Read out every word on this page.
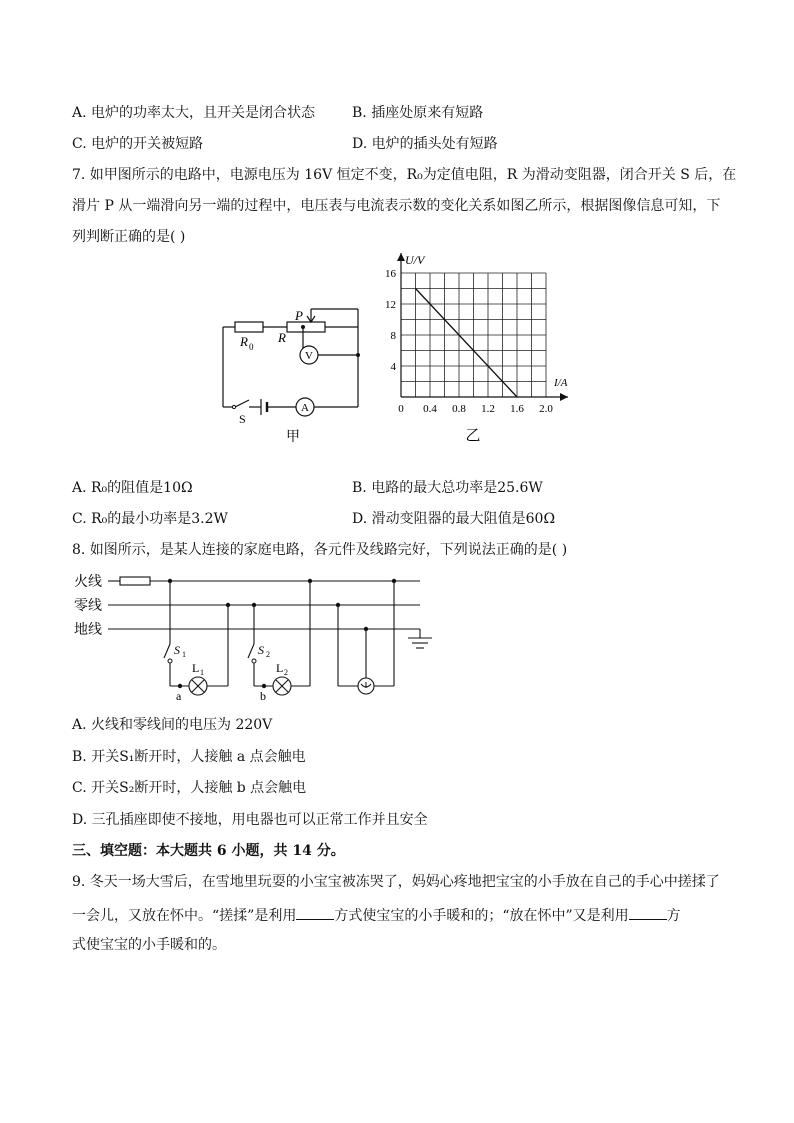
A. 电炉的功率太大，且开关是闭合状态	B. 插座处原来有短路
C. 电炉的开关被短路	D. 电炉的插头处有短路
7. 如甲图所示的电路中，电源电压为 16V 恒定不变，R₀为定值电阻，R 为滑动变阻器，闭合开关 S 后，在
滑片 P 从一端滑向另一端的过程中，电压表与电流表示数的变化关系如图乙所示，根据图像信息可知，下
列判断正确的是( )
V
A
R 0
R
P
S
甲
0 0.4 0.8 1.2 1.6 2.0
4
8
12
16
U/V
I/A
乙
A. R₀的阻值是10Ω	B. 电路的最大总功率是25.6W
C. R₀的最小功率是3.2W	D. 滑动变阻器的最大阻值是60Ω
8. 如图所示，是某人连接的家庭电路，各元件及线路完好，下列说法正确的是( )
火线
零线
地线
S 1	S 2
L 1	L 2
a	b
A. 火线和零线间的电压为 220V
B. 开关S₁断开时，人接触 a 点会触电
C. 开关S₂断开时，人接触 b 点会触电
D. 三孔插座即使不接地，用电器也可以正常工作并且安全
三、填空题：本大题共 6 小题，共 14 分。
9. 冬天一场大雪后，在雪地里玩耍的小宝宝被冻哭了，妈妈心疼地把宝宝的小手放在自己的手心中搓揉了
一会儿，又放在怀中。“搓揉”是利用	方式使宝宝的小手暖和的；“放在怀中”又是利用	方
式使宝宝的小手暖和的。
